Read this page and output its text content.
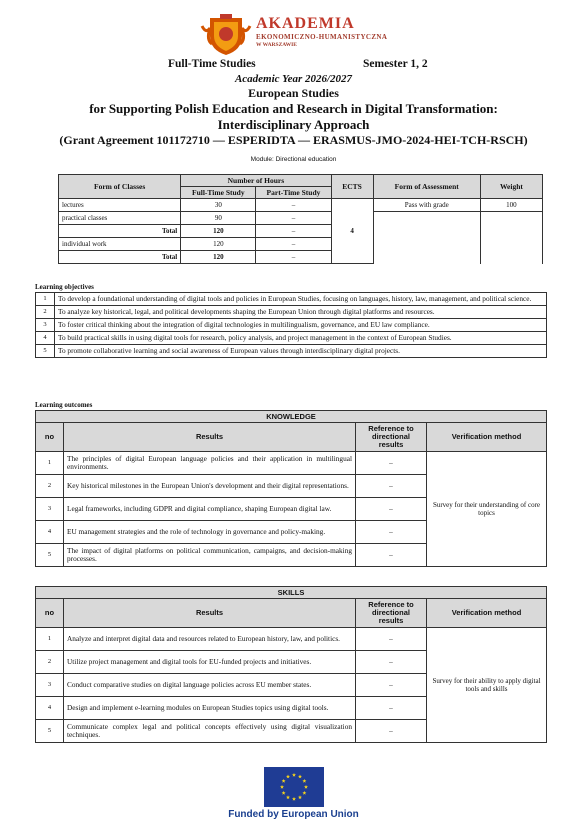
AKADEMIA
EKONOMICZNO-HUMANISTYCZNA
W WARSZAWIE
Full-Time Studies	Semester 1, 2
Academic Year 2026/2027
European Studies
for Supporting Polish Education and Research in Digital Transformation:
Interdisciplinary Approach
(Grant Agreement 101172710 — ESPERIDTA — ERASMUS-JMO-2024-HEI-TCH-RSCH)
Module: Directional education
Form of Classes	Number of Hours		ECTS	Form of Assessment	Weight
	Full-Time Study	Part-Time Study			
lectures	30	–	4	Pass with grade	100
practical classes	90	–			
Total	120	–			
individual work	120	–			
Total	120	–			
Learning objectives
1	To develop a foundational understanding of digital tools and policies in European Studies, focusing on languages, history, law, management, and political science.
2	To analyze key historical, legal, and political developments shaping the European Union through digital platforms and resources.
3	To foster critical thinking about the integration of digital technologies in multilingualism, governance, and EU law compliance.
4	To build practical skills in using digital tools for research, policy analysis, and project management in the context of European Studies.
5	To promote collaborative learning and social awareness of European values through interdisciplinary digital projects.
Learning outcomes
KNOWLEDGE			
no	Results	Reference to directional results	Verification method
1	The principles of digital European language policies and their application in multilingual environments.	–	Survey for their understanding of core topics
2	Key historical milestones in the European Union's development and their digital representations.	–	
3	Legal frameworks, including GDPR and digital compliance, shaping European digital law.	–	
4	EU management strategies and the role of technology in governance and policy-making.	–	
5	The impact of digital platforms on political communication, campaigns, and decision-making processes.	–	
SKILLS			
no	Results	Reference to directional results	Verification method
1	Analyze and interpret digital data and resources related to European history, law, and politics.	–	Survey for their ability to apply digital tools and skills
2	Utilize project management and digital tools for EU-funded projects and initiatives.	–	
3	Conduct comparative studies on digital language policies across EU member states.	–	
4	Design and implement e-learning modules on European Studies topics using digital tools.	–	
5	Communicate complex legal and political concepts effectively using digital visualization techniques.	–	
Funded by European Union
